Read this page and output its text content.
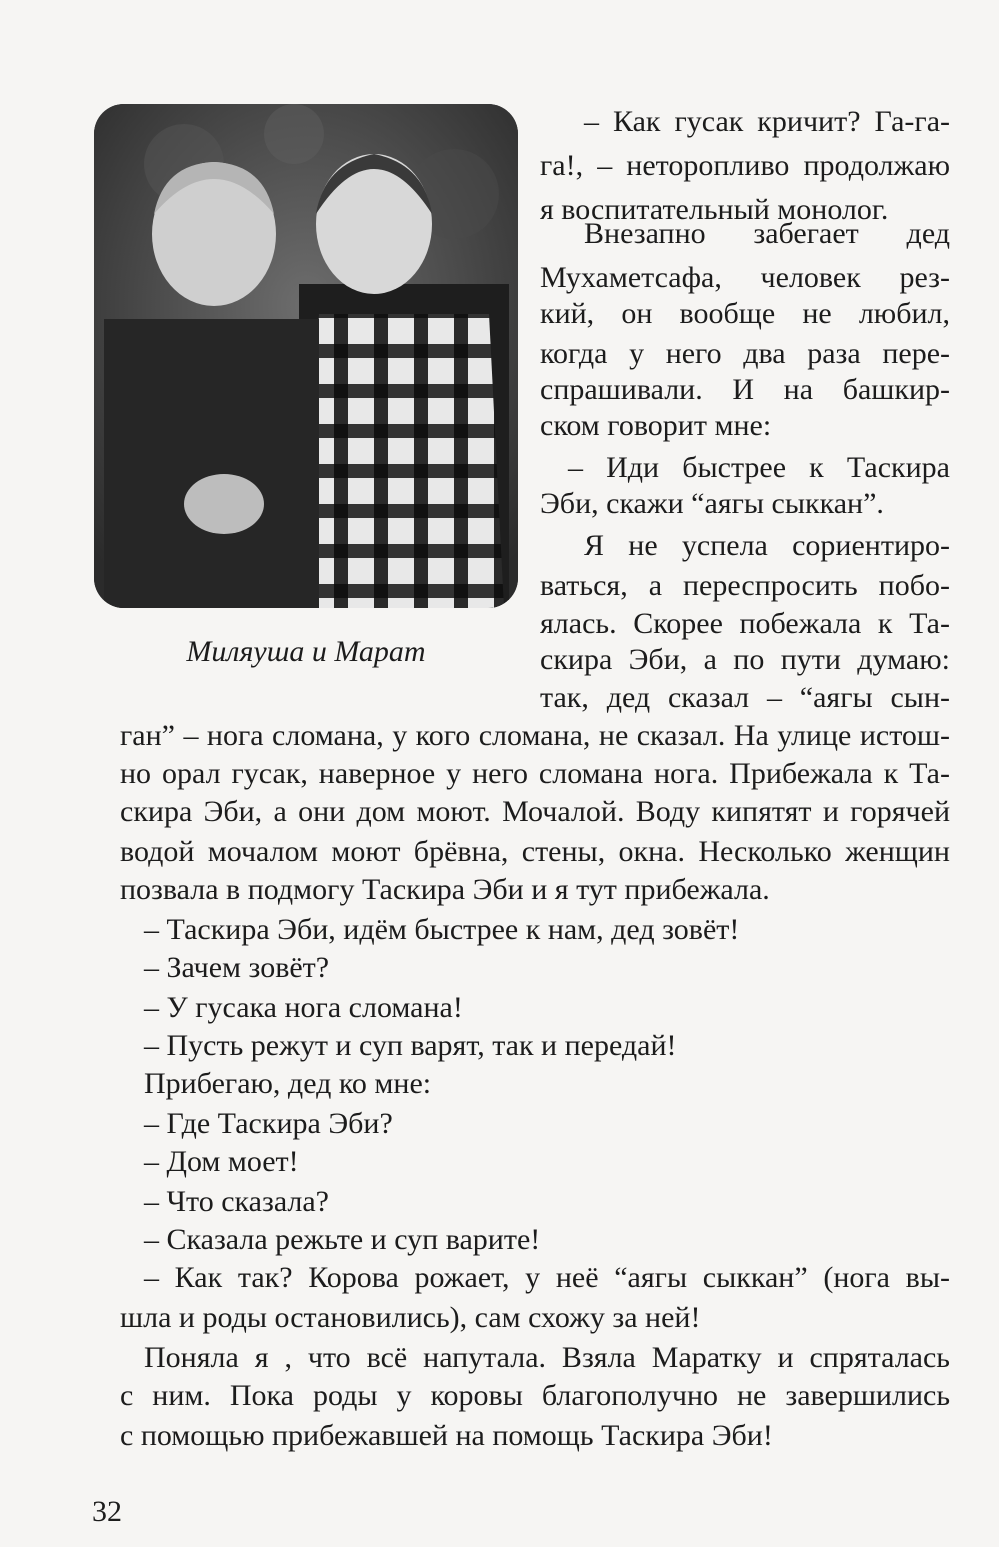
Миляуша и Марат
– Как гусак кричит? Га-га-
га!, – неторопливо продолжаю
я воспитательный монолог.
Внезапно забегает дед
Мухаметсафа, человек рез-
кий, он вообще не любил,
когда у него два раза пере-
спрашивали. И на башкир-
ском говорит мне:
– Иди быстрее к Таскира
Эби, скажи “аягы сыккан”.
Я не успела сориентиро-
ваться, а переспросить побо-
ялась. Скорее побежала к Та-
скира Эби, а по пути думаю:
так, дед сказал – “аягы сын-
ган” – нога сломана, у кого сломана, не сказал. На улице истош-
но орал гусак, наверное у него сломана нога. Прибежала к Та-
скира Эби, а они дом моют. Мочалой. Воду кипятят и горячей
водой мочалом моют брёвна, стены, окна. Несколько женщин
позвала в подмогу Таскира Эби и я тут прибежала.
– Таскира Эби, идём быстрее к нам, дед зовёт!
– Зачем зовёт?
– У гусака нога сломана!
– Пусть режут и суп варят, так и передай!
Прибегаю, дед ко мне:
– Где Таскира Эби?
– Дом моет!
– Что сказала?
– Сказала режьте и суп варите!
– Как так? Корова рожает, у неё “аягы сыккан” (нога вы-
шла и роды остановились), сам схожу за ней!
Поняла я , что всё напутала. Взяла Маратку и спряталась
с ним. Пока роды у коровы благополучно не завершились
с помощью прибежавшей на помощь Таскира Эби!
32
